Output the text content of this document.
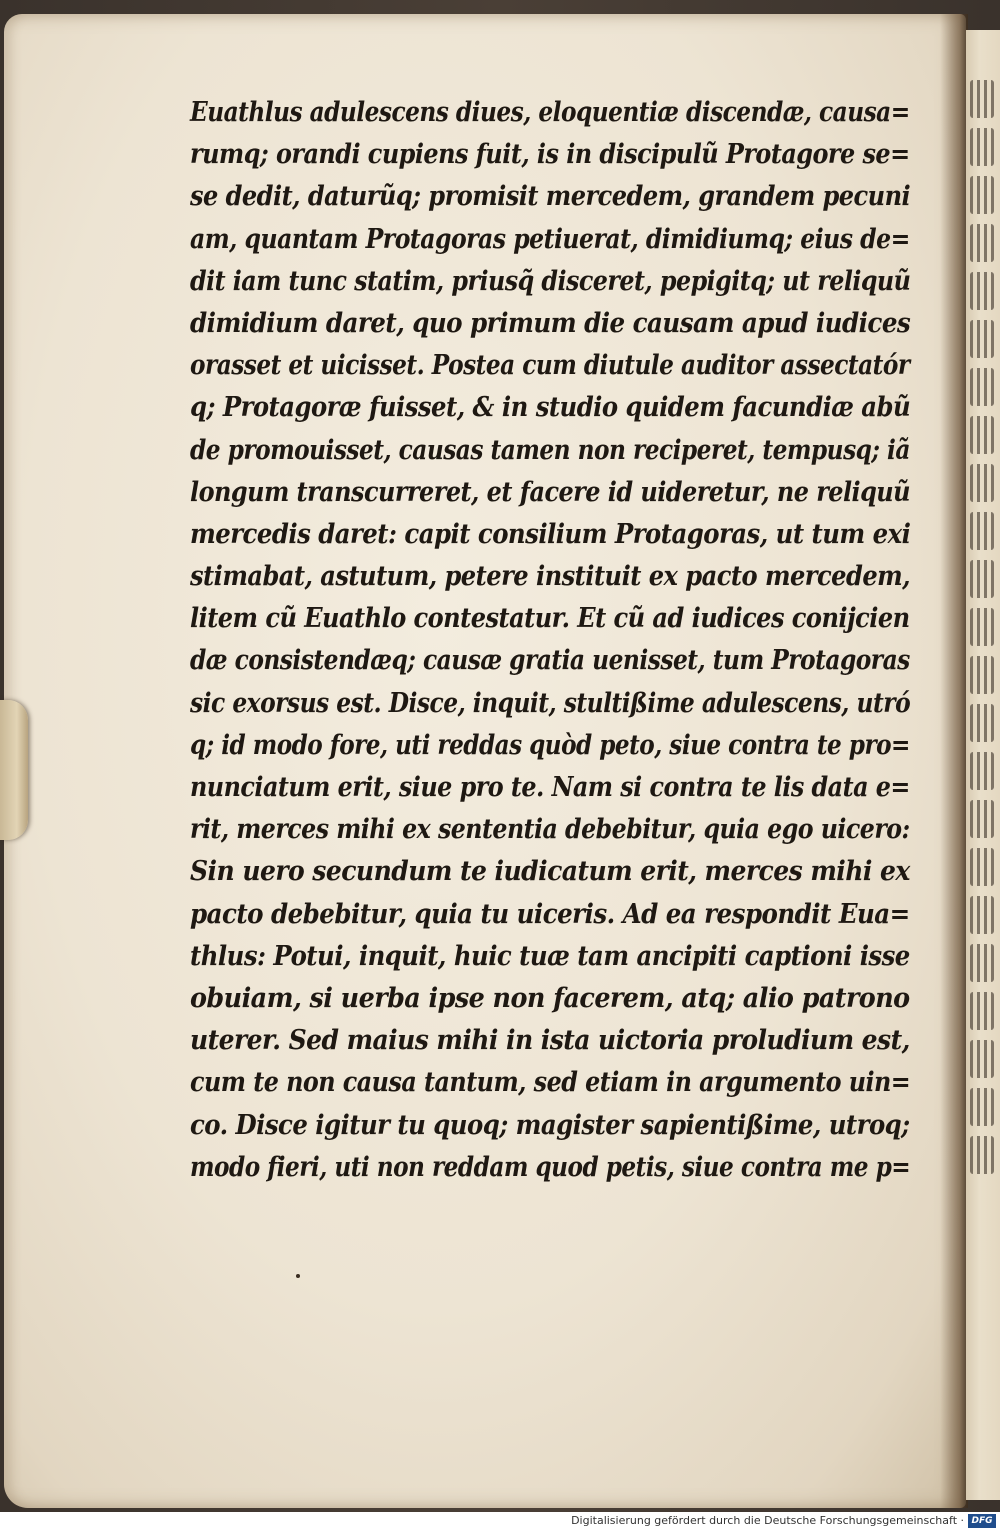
Euathlus adulescens diues, eloquentiæ discendæ, causa=
rumq; orandi cupiens fuit, is in discipulũ Protagore se=
se dedit, daturũq; promisit mercedem, grandem pecuni
am, quantam Protagoras petiuerat, dimidiumq; eius de=
dit iam tunc statim, priusq̃ disceret, pepigitq; ut reliquũ
dimidium daret, quo primum die causam apud iudices
orasset et uicisset. Postea cum diutule auditor assectatór
q; Protagoræ fuisset, & in studio quidem facundiæ abũ
de promouisset, causas tamen non reciperet, tempusq; iã
longum transcurreret, et facere id uideretur, ne reliquũ
mercedis daret: capit consilium Protagoras, ut tum exi
stimabat, astutum, petere instituit ex pacto mercedem,
litem cũ Euathlo contestatur. Et cũ ad iudices conijcien
dæ consistendæq; causæ gratia uenisset, tum Protagoras
sic exorsus est. Disce, inquit, stultißime adulescens, utró
q; id modo fore, uti reddas quòd peto, siue contra te pro=
nunciatum erit, siue pro te. Nam si contra te lis data e=
rit, merces mihi ex sententia debebitur, quia ego uicero:
Sin uero secundum te iudicatum erit, merces mihi ex
pacto debebitur, quia tu uiceris. Ad ea respondit Eua=
thlus: Potui, inquit, huic tuæ tam ancipiti captioni isse
obuiam, si uerba ipse non facerem, atq; alio patrono
uterer. Sed maius mihi in ista uictoria proludium est,
cum te non causa tantum, sed etiam in argumento uin=
co. Disce igitur tu quoq; magister sapientißime, utroq;
modo fieri, uti non reddam quod petis, siue contra me p=
Digitalisierung gefördert durch die Deutsche Forschungsgemeinschaft · DFG
